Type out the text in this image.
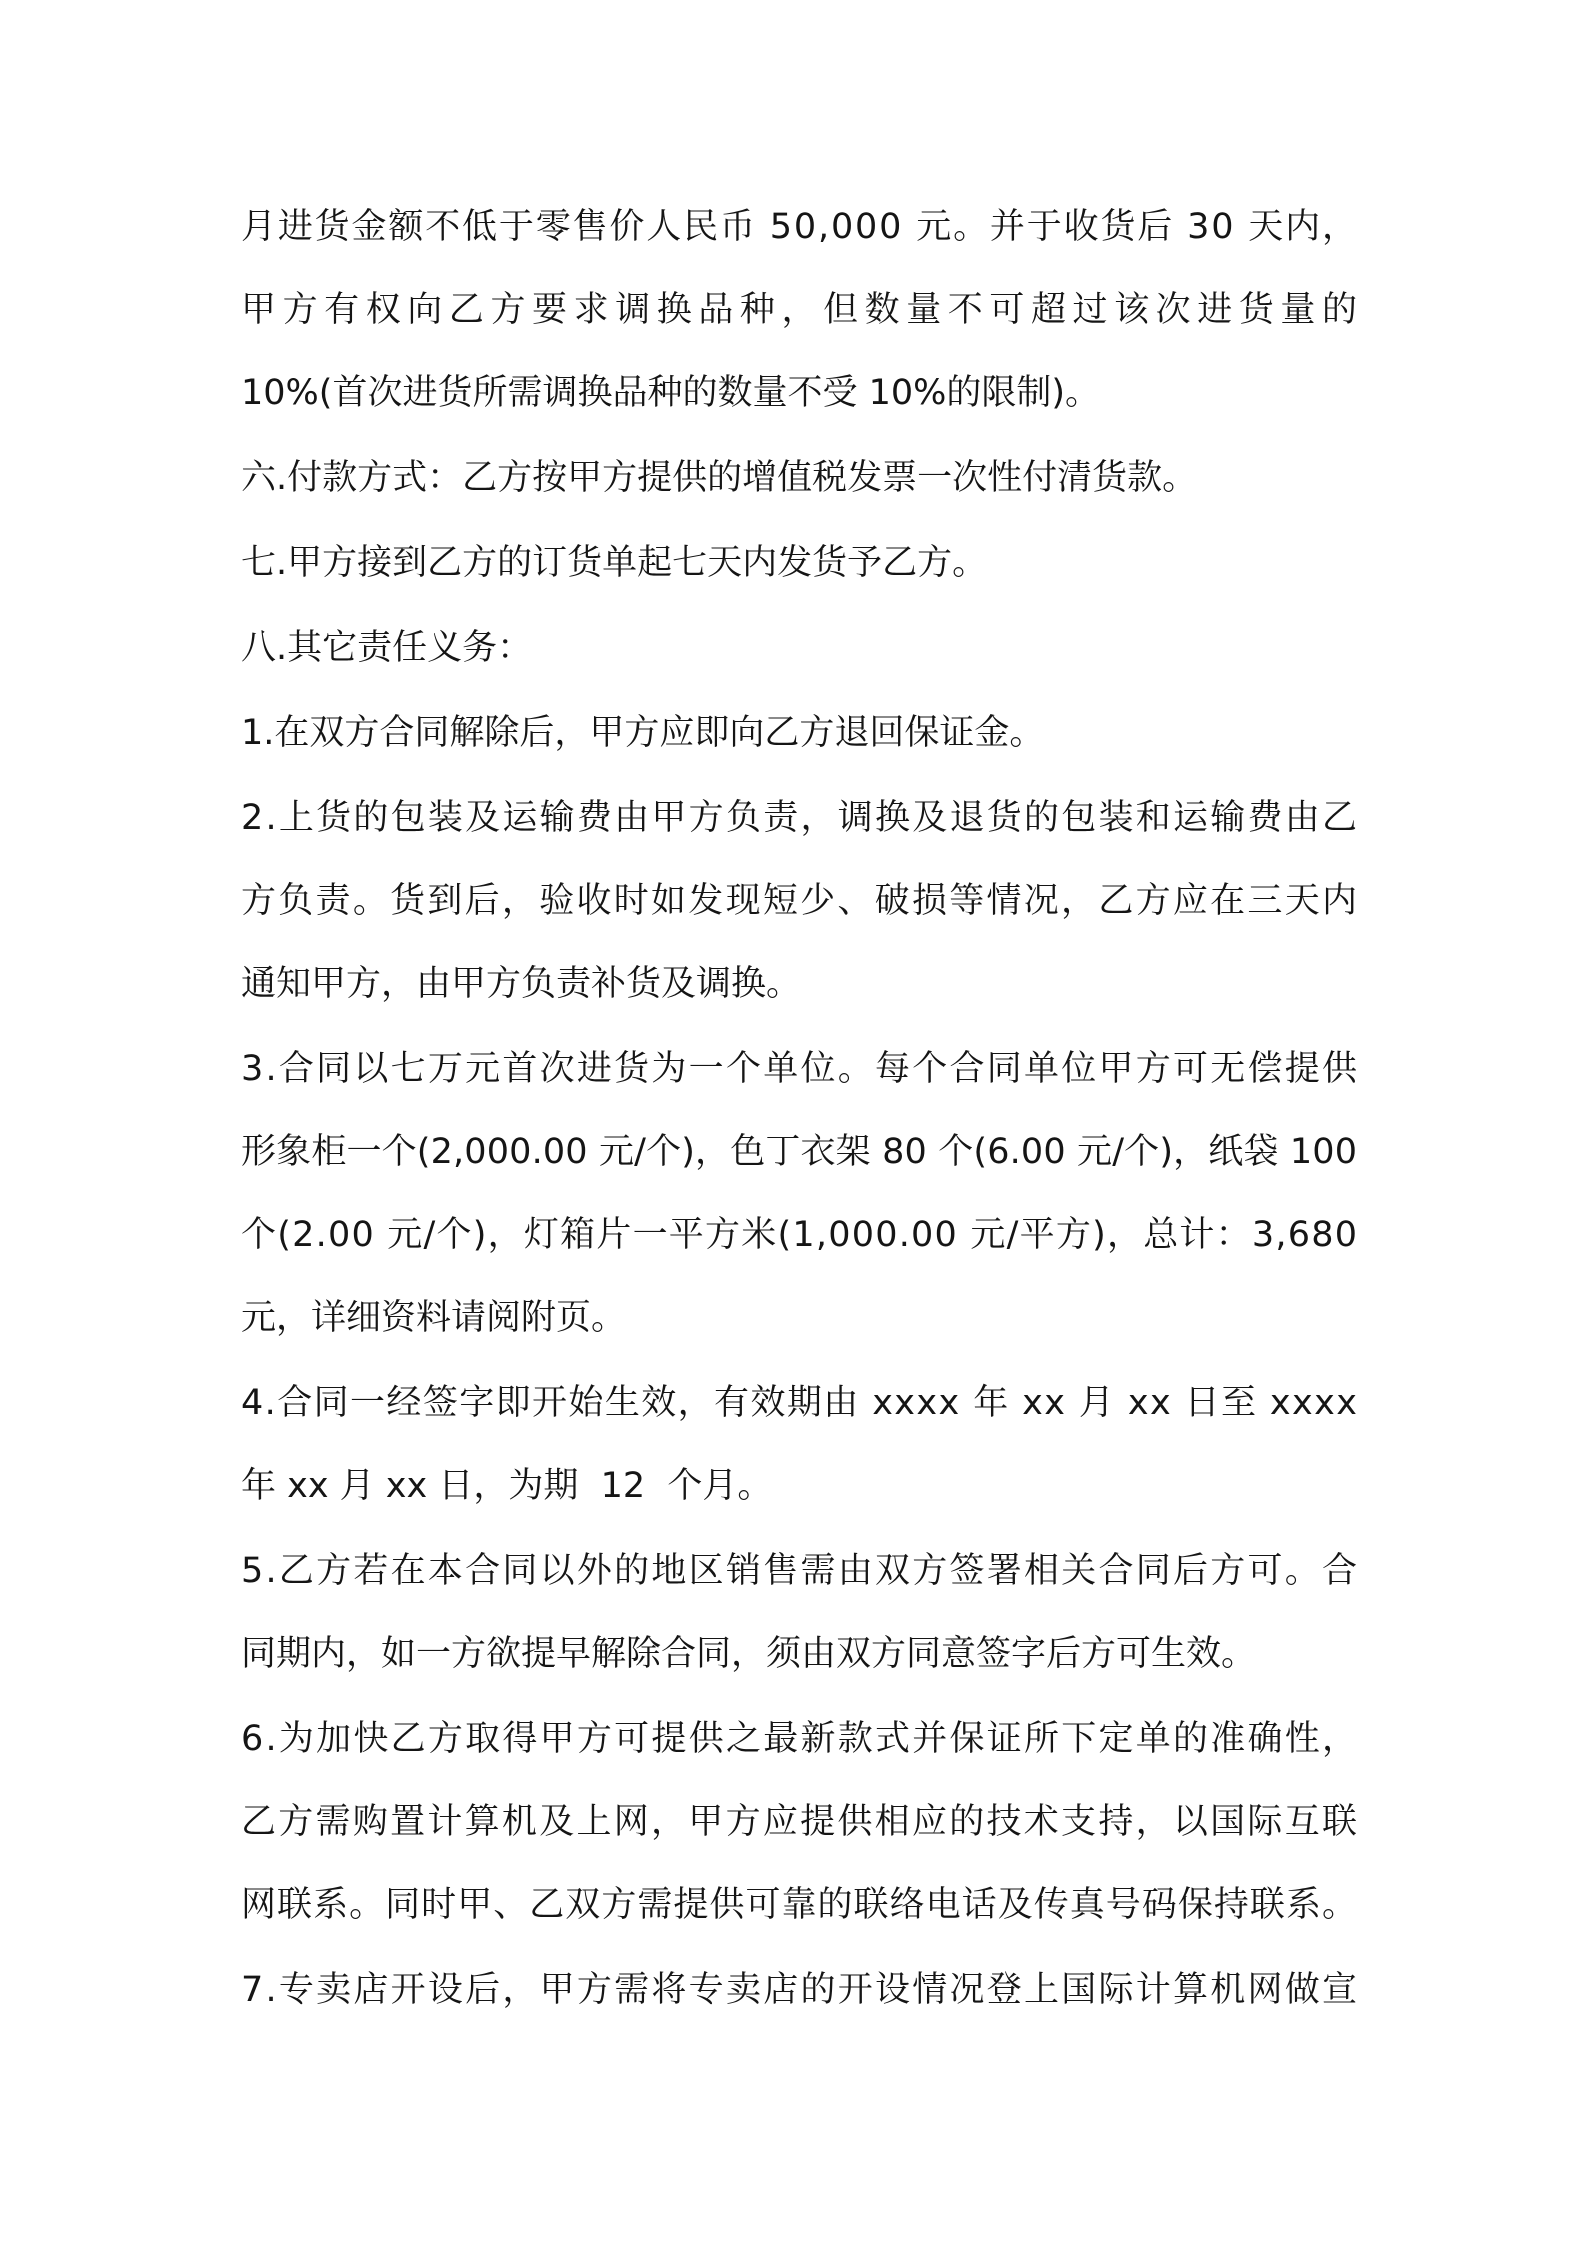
月进货金额不低于零售价人民币 50,000 元。并于收货后 30 天内，
甲方有权向乙方要求调换品种，但数量不可超过该次进货量的
10%(首次进货所需调换品种的数量不受 10%的限制)。
六.付款方式：乙方按甲方提供的增值税发票一次性付清货款。
七.甲方接到乙方的订货单起七天内发货予乙方。
八.其它责任义务：
1.在双方合同解除后，甲方应即向乙方退回保证金。
2.上货的包装及运输费由甲方负责，调换及退货的包装和运输费由乙
方负责。货到后，验收时如发现短少、破损等情况，乙方应在三天内
通知甲方，由甲方负责补货及调换。
3.合同以七万元首次进货为一个单位。每个合同单位甲方可无偿提供
形象柜一个(2,000.00 元/个)，色丁衣架 80 个(6.00 元/个)，纸袋 100
个(2.00 元/个)，灯箱片一平方米(1,000.00 元/平方)，总计：3,680
元，详细资料请阅附页。
4.合同一经签字即开始生效，有效期由 xxxx 年 xx 月 xx 日至 xxxx
年 xx 月 xx 日，为期  12  个月。
5.乙方若在本合同以外的地区销售需由双方签署相关合同后方可。合
同期内，如一方欲提早解除合同，须由双方同意签字后方可生效。
6.为加快乙方取得甲方可提供之最新款式并保证所下定单的准确性，
乙方需购置计算机及上网，甲方应提供相应的技术支持，以国际互联
网联系。同时甲、乙双方需提供可靠的联络电话及传真号码保持联系。
7.专卖店开设后，甲方需将专卖店的开设情况登上国际计算机网做宣
